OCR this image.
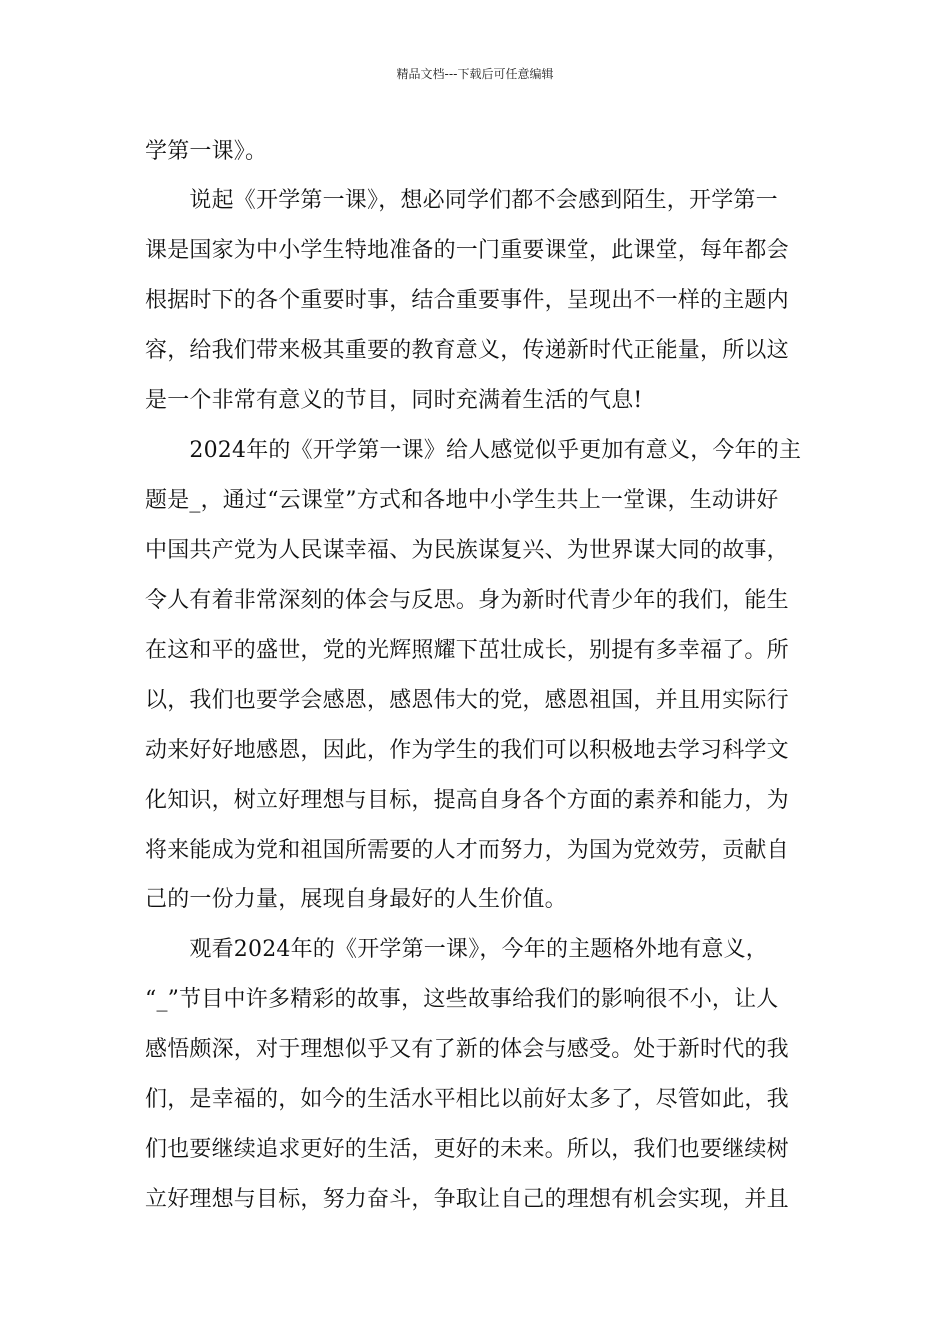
精品文档---下载后可任意编辑
学第一课》。
　　说起《开学第一课》，想必同学们都不会感到陌生，开学第一
课是国家为中小学生特地准备的一门重要课堂，此课堂，每年都会
根据时下的各个重要时事，结合重要事件，呈现出不一样的主题内
容，给我们带来极其重要的教育意义，传递新时代正能量，所以这
是一个非常有意义的节目，同时充满着生活的气息!
　　2024年的《开学第一课》给人感觉似乎更加有意义，今年的主
题是_，通过“云课堂”方式和各地中小学生共上一堂课，生动讲好
中国共产党为人民谋幸福、为民族谋复兴、为世界谋大同的故事，
令人有着非常深刻的体会与反思。身为新时代青少年的我们，能生
在这和平的盛世，党的光辉照耀下茁壮成长，别提有多幸福了。所
以，我们也要学会感恩，感恩伟大的党，感恩祖国，并且用实际行
动来好好地感恩，因此，作为学生的我们可以积极地去学习科学文
化知识，树立好理想与目标，提高自身各个方面的素养和能力，为
将来能成为党和祖国所需要的人才而努力，为国为党效劳，贡献自
己的一份力量，展现自身最好的人生价值。
　　观看2024年的《开学第一课》，今年的主题格外地有意义，
“_”节目中许多精彩的故事，这些故事给我们的影响很不小，让人
感悟颇深，对于理想似乎又有了新的体会与感受。处于新时代的我
们，是幸福的，如今的生活水平相比以前好太多了，尽管如此，我
们也要继续追求更好的生活，更好的未来。所以，我们也要继续树
立好理想与目标，努力奋斗，争取让自己的理想有机会实现，并且
